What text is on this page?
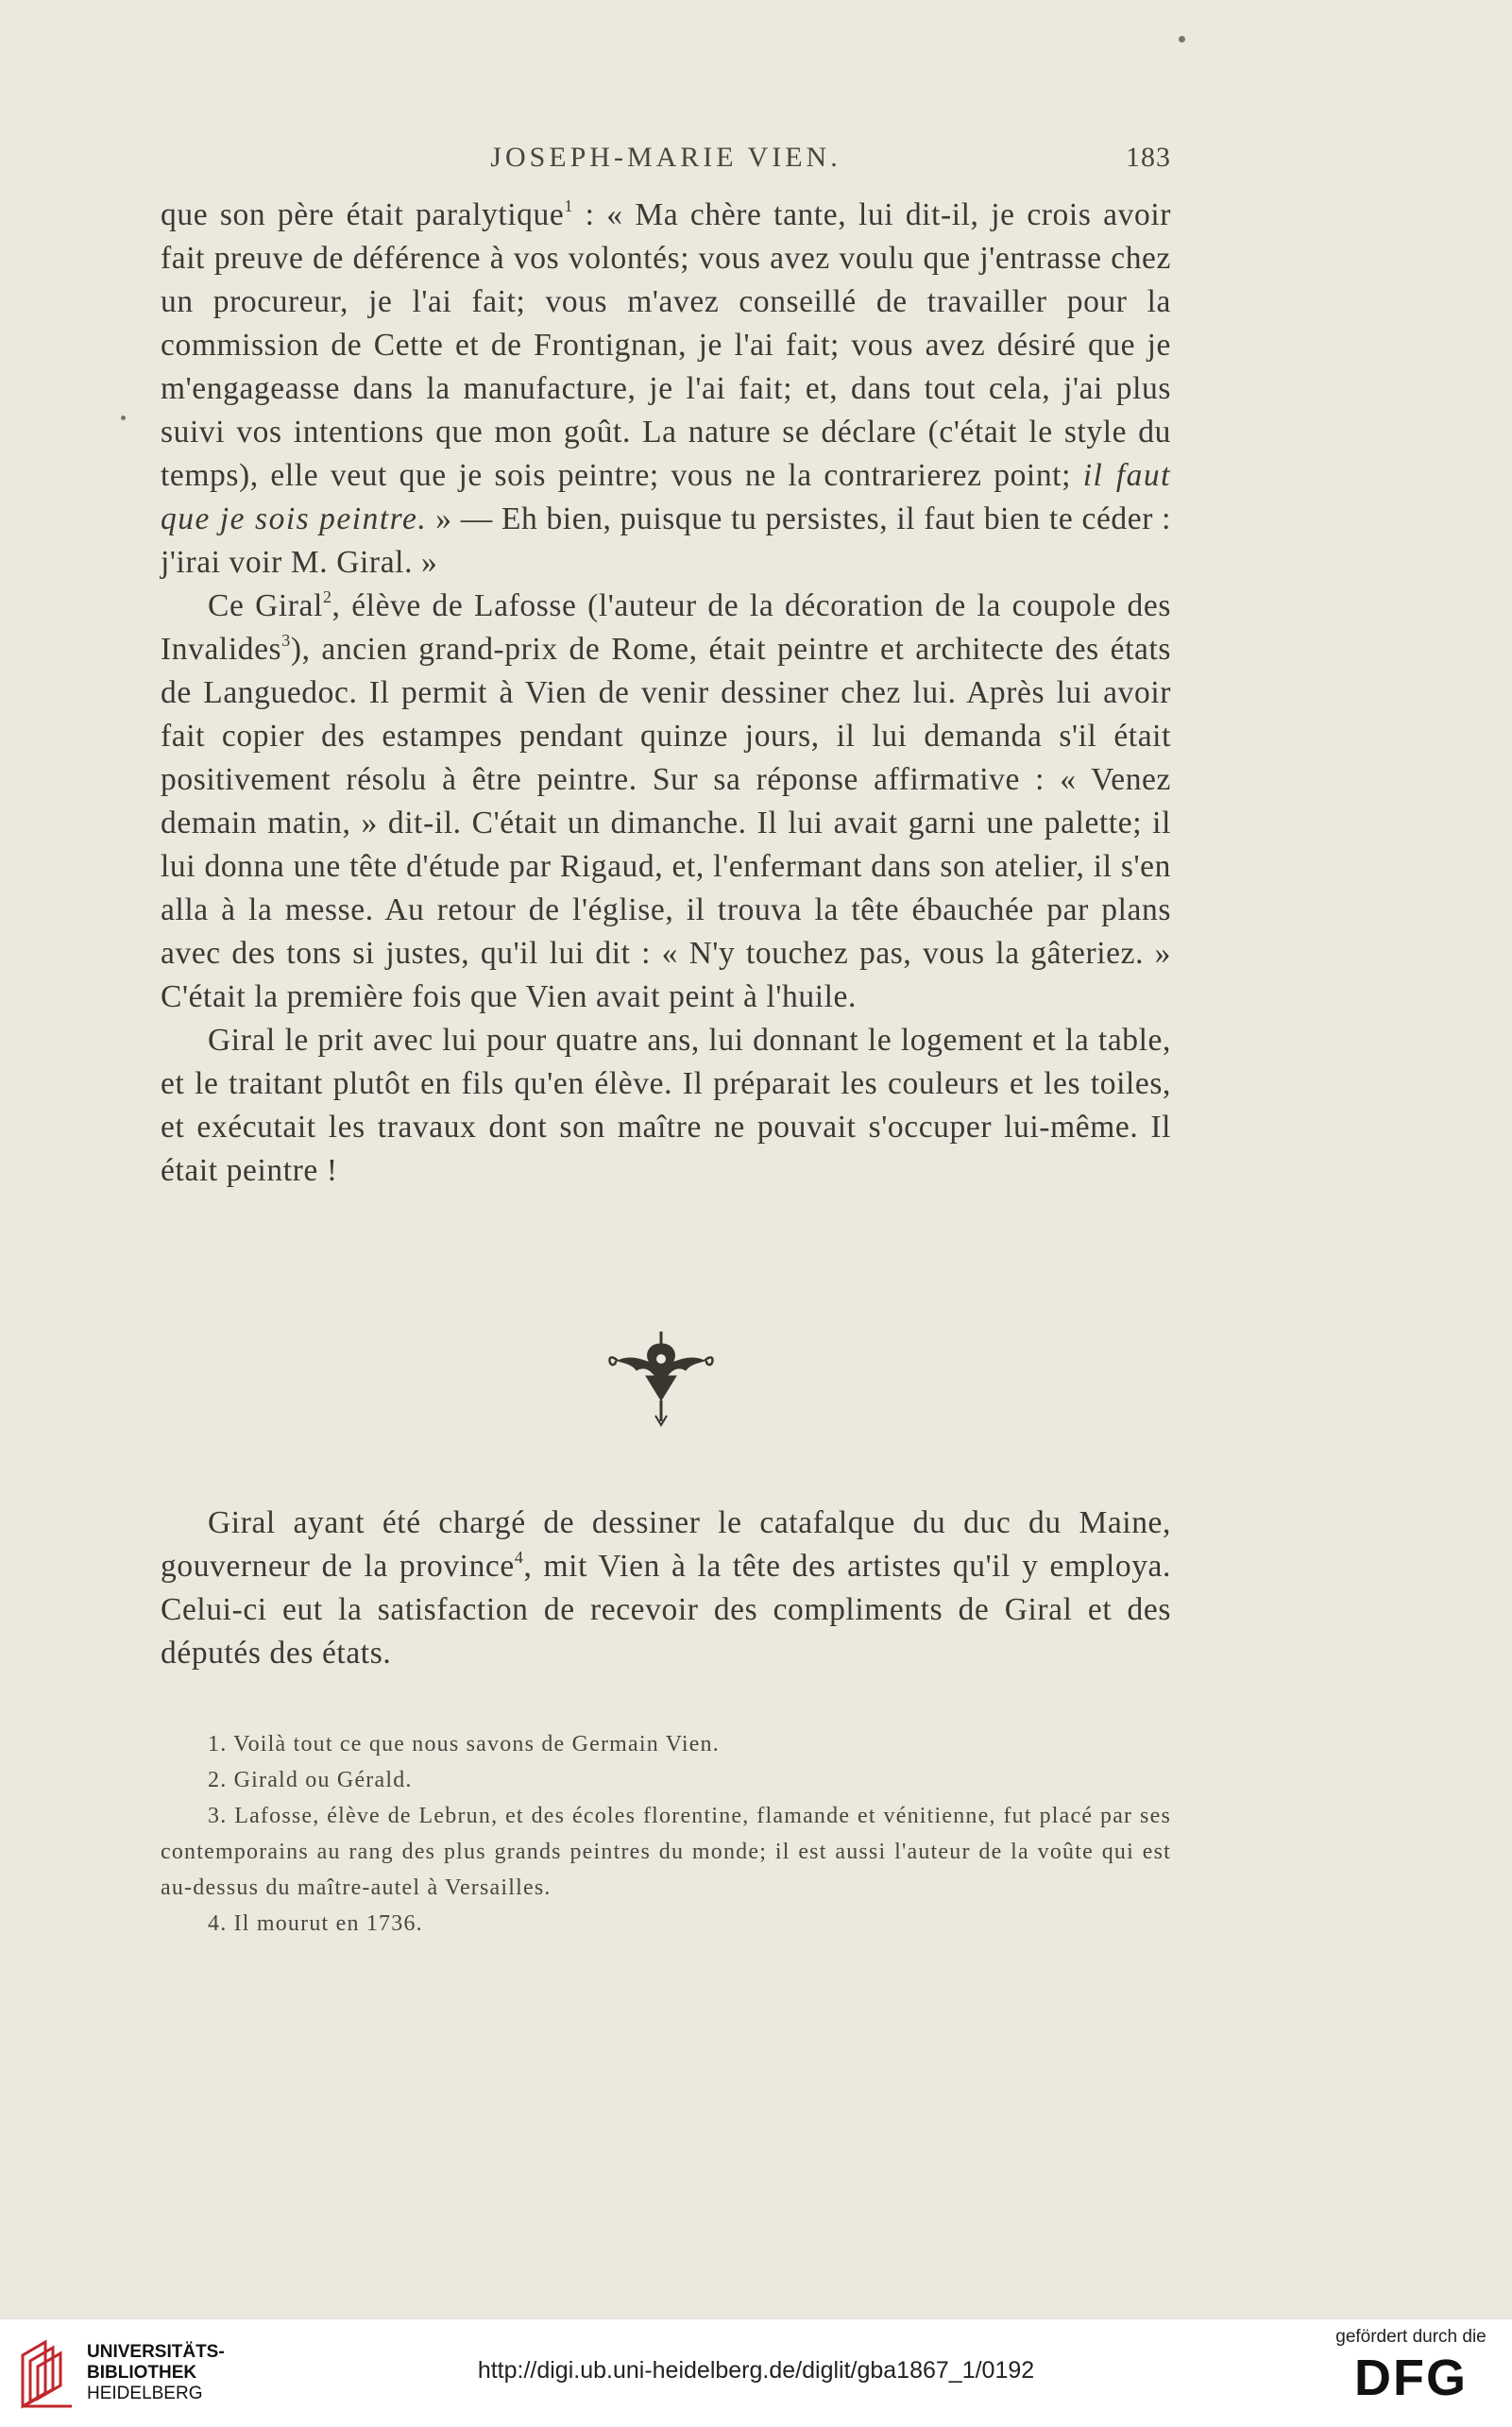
JOSEPH-MARIE VIEN.	183

que son père était paralytique$^1$ : « Ma chère tante, lui dit-il, je crois avoir fait preuve de déférence à vos volontés; vous avez voulu que j'entrasse chez un procureur, je l'ai fait; vous m'avez conseillé de travailler pour la commission de Cette et de Frontignan, je l'ai fait; vous avez désiré que je m'engageasse dans la manufacture, je l'ai fait; et, dans tout cela, j'ai plus suivi vos intentions que mon goût. La nature se déclare (c'était le style du temps), elle veut que je sois peintre; vous ne la contrarierez point; il faut que je sois peintre. » — Eh bien, puisque tu persistes, il faut bien te céder : j'irai voir M. Giral. »

Ce Giral$^2$, élève de Lafosse (l'auteur de la décoration de la coupole des Invalides$^3$), ancien grand-prix de Rome, était peintre et architecte des états de Languedoc. Il permit à Vien de venir dessiner chez lui. Après lui avoir fait copier des estampes pendant quinze jours, il lui demanda s'il était positivement résolu à être peintre. Sur sa réponse affirmative : « Venez demain matin, » dit-il. C'était un dimanche. Il lui avait garni une palette; il lui donna une tête d'étude par Rigaud, et, l'enfermant dans son atelier, il s'en alla à la messe. Au retour de l'église, il trouva la tête ébauchée par plans avec des tons si justes, qu'il lui dit : « N'y touchez pas, vous la gâteriez. » C'était la première fois que Vien avait peint à l'huile.

Giral le prit avec lui pour quatre ans, lui donnant le logement et la table, et le traitant plutôt en fils qu'en élève. Il préparait les couleurs et les toiles, et exécutait les travaux dont son maître ne pouvait s'occuper lui-même. Il était peintre !

Giral ayant été chargé de dessiner le catafalque du duc du Maine, gouverneur de la province$^4$, mit Vien à la tête des artistes qu'il y employa. Celui-ci eut la satisfaction de recevoir des compliments de Giral et des députés des états.

1. Voilà tout ce que nous savons de Germain Vien.

2. Girald ou Gérald.

3. Lafosse, élève de Lebrun, et des écoles florentine, flamande et vénitienne, fut placé par ses contemporains au rang des plus grands peintres du monde; il est aussi l'auteur de la voûte qui est au-dessus du maître-autel à Versailles.

4. Il mourut en 1736.

UNIVERSITÄTS-
BIBLIOTHEK
HEIDELBERG
http://digi.ub.uni-heidelberg.de/diglit/gba1867_1/0192
gefördert durch die
DFG
